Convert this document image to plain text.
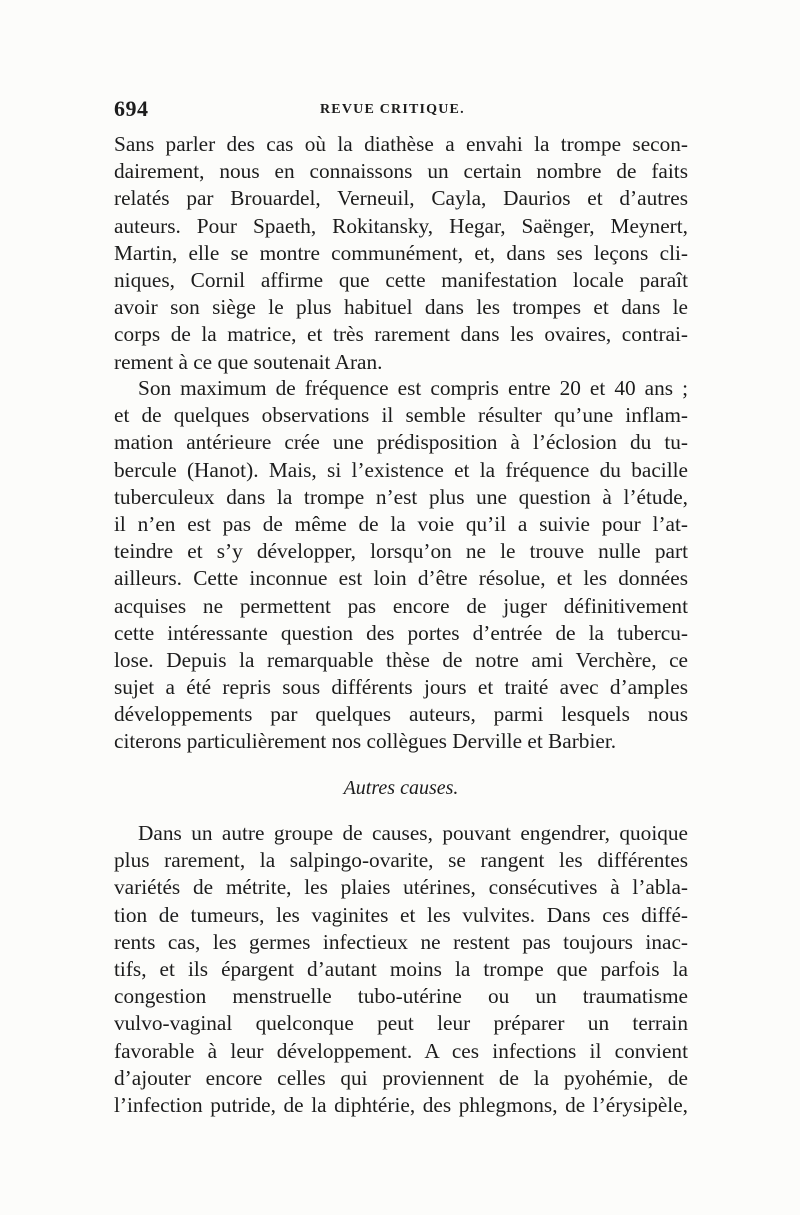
694	REVUE CRITIQUE.
Sans parler des cas où la diathèse a envahi la trompe secon-
dairement, nous en connaissons un certain nombre de faits
relatés par Brouardel, Verneuil, Cayla, Daurios et d’autres
auteurs. Pour Spaeth, Rokitansky, Hegar, Saënger, Meynert,
Martin, elle se montre communément, et, dans ses leçons cli-
niques, Cornil affirme que cette manifestation locale paraît
avoir son siège le plus habituel dans les trompes et dans le
corps de la matrice, et très rarement dans les ovaires, contrai-
rement à ce que soutenait Aran.
Son maximum de fréquence est compris entre 20 et 40 ans ;
et de quelques observations il semble résulter qu’une inflam-
mation antérieure crée une prédisposition à l’éclosion du tu-
bercule (Hanot). Mais, si l’existence et la fréquence du bacille
tuberculeux dans la trompe n’est plus une question à l’étude,
il n’en est pas de même de la voie qu’il a suivie pour l’at-
teindre et s’y développer, lorsqu’on ne le trouve nulle part
ailleurs. Cette inconnue est loin d’être résolue, et les données
acquises ne permettent pas encore de juger définitivement
cette intéressante question des portes d’entrée de la tubercu-
lose. Depuis la remarquable thèse de notre ami Verchère, ce
sujet a été repris sous différents jours et traité avec d’amples
développements par quelques auteurs, parmi lesquels nous
citerons particulièrement nos collègues Derville et Barbier.
Autres causes.
Dans un autre groupe de causes, pouvant engendrer, quoique
plus rarement, la salpingo-ovarite, se rangent les différentes
variétés de métrite, les plaies utérines, consécutives à l’abla-
tion de tumeurs, les vaginites et les vulvites. Dans ces diffé-
rents cas, les germes infectieux ne restent pas toujours inac-
tifs, et ils épargent d’autant moins la trompe que parfois la
congestion menstruelle tubo-utérine ou un traumatisme
vulvo-vaginal quelconque peut leur préparer un terrain
favorable à leur développement. A ces infections il convient
d’ajouter encore celles qui proviennent de la pyohémie, de
l’infection putride, de la diphtérie, des phlegmons, de l’érysipèle,
